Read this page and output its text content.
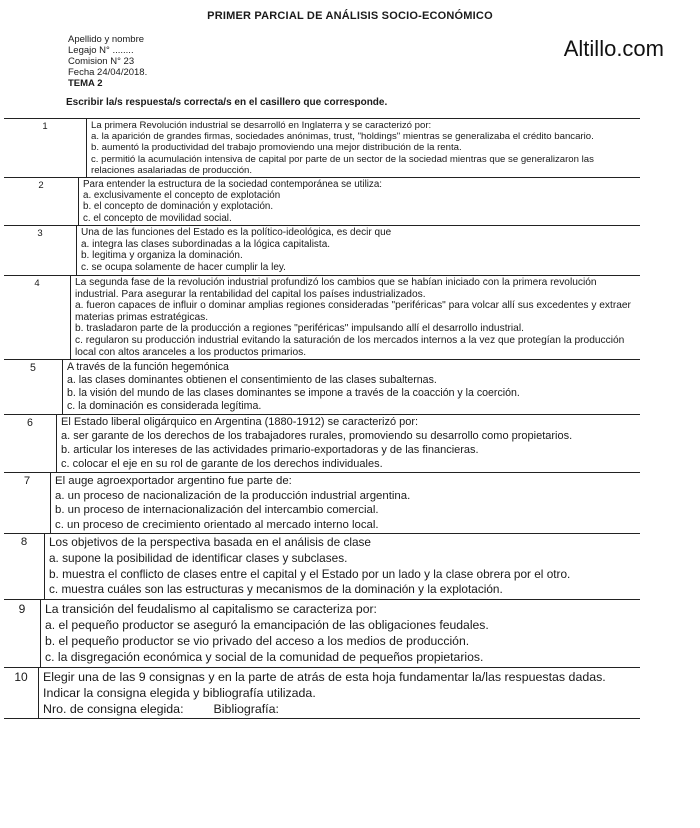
PRIMER PARCIAL DE ANÁLISIS SOCIO-ECONÓMICO
Altillo.com
Apellido y nombre
Legajo N° ........
Comision N° 23
Fecha 24/04/2018.
TEMA 2
Escribir la/s respuesta/s correcta/s en el casillero que corresponde.
1	La primera Revolución industrial se desarrolló en Inglaterra y se caracterizó por:

a. la aparición de grandes firmas, sociedades anónimas, trust, "holdings" mientras se generalizaba el crédito bancario.

b. aumentó la productividad del trabajo promoviendo una mejor distribución de la renta.

c. permitió la acumulación intensiva de capital por parte de un sector de la sociedad mientras que se generalizaron las relaciones asalariadas de producción.

2	Para entender la estructura de la sociedad contemporánea se utiliza:

a. exclusivamente el concepto de explotación

b. el concepto de dominación y explotación.

c. el concepto de movilidad social.

3	Una de las funciones del Estado es la político-ideológica, es decir que

a. integra las clases subordinadas a la lógica capitalista.

b. legitima y organiza la dominación.

c. se ocupa solamente de hacer cumplir la ley.

4	La segunda fase de la revolución industrial profundizó los cambios que se habían iniciado con la primera revolución industrial. Para asegurar la rentabilidad del capital los países industrializados.

a. fueron capaces de influir o dominar amplias regiones consideradas "periféricas" para volcar allí sus excedentes y extraer materias primas estratégicas.

b. trasladaron parte de la producción a regiones "periféricas" impulsando allí el desarrollo industrial.

c. regularon su producción industrial evitando la saturación de los mercados internos a la vez que protegían la producción local con altos aranceles a los productos primarios.

5	A través de la función hegemónica

a. las clases dominantes obtienen el consentimiento de las clases subalternas.

b. la visión del mundo de las clases dominantes se impone a través de la coacción y la coerción.

c. la dominación es considerada legítima.

6	El Estado liberal oligárquico en Argentina (1880-1912) se caracterizó por:

a. ser garante de los derechos de los trabajadores rurales, promoviendo su desarrollo como propietarios.

b. articular los intereses de las actividades primario-exportadoras y de las financieras.

c. colocar el eje en su rol de garante de los derechos individuales.

7	El auge agroexportador argentino fue parte de:

a. un proceso de nacionalización de la producción industrial argentina.

b. un proceso de internacionalización del intercambio comercial.

c. un proceso de crecimiento orientado al mercado interno local.

8	Los objetivos de la perspectiva basada en el análisis de clase

a. supone la posibilidad de identificar clases y subclases.

b. muestra el conflicto de clases entre el capital y el Estado por un lado y la clase obrera por el otro.

c. muestra cuáles son las estructuras y mecanismos de la dominación y la explotación.

9	La transición del feudalismo al capitalismo se caracteriza por:

a. el pequeño productor se aseguró la emancipación de las obligaciones feudales.

b. el pequeño productor se vio privado del acceso a los medios de producción.

c. la disgregación económica y social de la comunidad de pequeños propietarios.

10	Elegir una de las 9 consignas y en la parte de atrás de esta hoja fundamentar la/las respuestas dadas. Indicar la consigna elegida y bibliografía utilizada.

Nro. de consigna elegida: Bibliografía:
